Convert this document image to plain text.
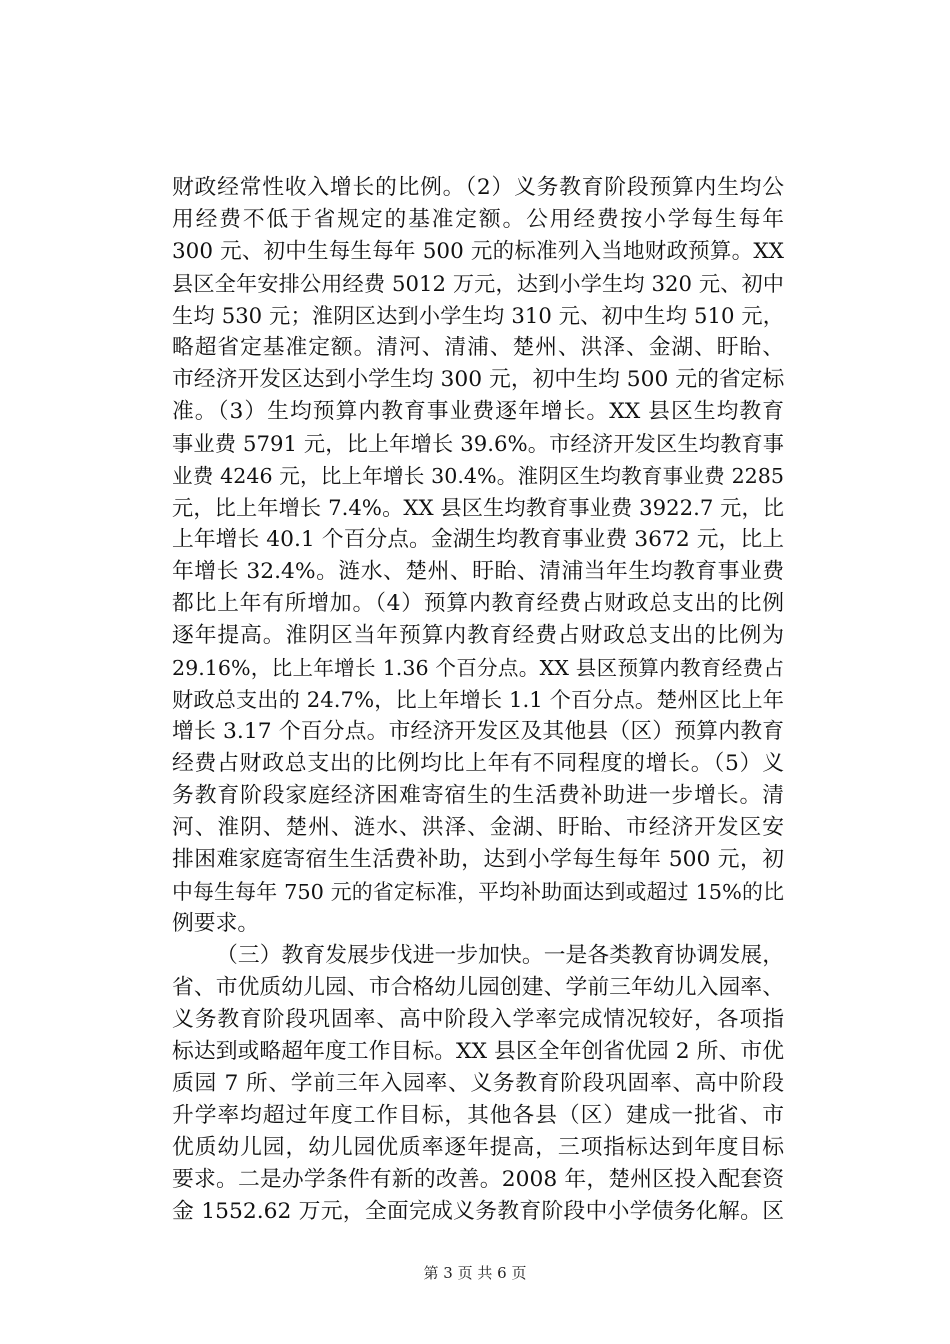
财政经常性收入增长的比例。（2）义务教育阶段预算内生均公
用经费不低于省规定的基准定额。公用经费按小学每生每年
300 元、初中生每生每年 500 元的标准列入当地财政预算。XX
县区全年安排公用经费 5012 万元，达到小学生均 320 元、初中
生均 530 元；淮阴区达到小学生均 310 元、初中生均 510 元，
略超省定基准定额。清河、清浦、楚州、洪泽、金湖、盱眙、
市经济开发区达到小学生均 300 元，初中生均 500 元的省定标
准。（3）生均预算内教育事业费逐年增长。XX 县区生均教育
事业费 5791 元，比上年增长 39.6%。市经济开发区生均教育事
业费 4246 元，比上年增长 30.4%。淮阴区生均教育事业费 2285
元，比上年增长 7.4%。XX 县区生均教育事业费 3922.7 元，比
上年增长 40.1 个百分点。金湖生均教育事业费 3672 元，比上
年增长 32.4%。涟水、楚州、盱眙、清浦当年生均教育事业费
都比上年有所增加。（4）预算内教育经费占财政总支出的比例
逐年提高。淮阴区当年预算内教育经费占财政总支出的比例为
29.16%，比上年增长 1.36 个百分点。XX 县区预算内教育经费占
财政总支出的 24.7%，比上年增长 1.1 个百分点。楚州区比上年
增长 3.17 个百分点。市经济开发区及其他县（区）预算内教育
经费占财政总支出的比例均比上年有不同程度的增长。（5）义
务教育阶段家庭经济困难寄宿生的生活费补助进一步增长。清
河、淮阴、楚州、涟水、洪泽、金湖、盱眙、市经济开发区安
排困难家庭寄宿生生活费补助，达到小学每生每年 500 元，初
中每生每年 750 元的省定标准，平均补助面达到或超过 15%的比
例要求。
（三）教育发展步伐进一步加快。一是各类教育协调发展，
省、市优质幼儿园、市合格幼儿园创建、学前三年幼儿入园率、
义务教育阶段巩固率、高中阶段入学率完成情况较好，各项指
标达到或略超年度工作目标。XX 县区全年创省优园 2 所、市优
质园 7 所、学前三年入园率、义务教育阶段巩固率、高中阶段
升学率均超过年度工作目标，其他各县（区）建成一批省、市
优质幼儿园，幼儿园优质率逐年提高，三项指标达到年度目标
要求。二是办学条件有新的改善。2008 年，楚州区投入配套资
金 1552.62 万元，全面完成义务教育阶段中小学债务化解。区
第 3 页 共 6 页
